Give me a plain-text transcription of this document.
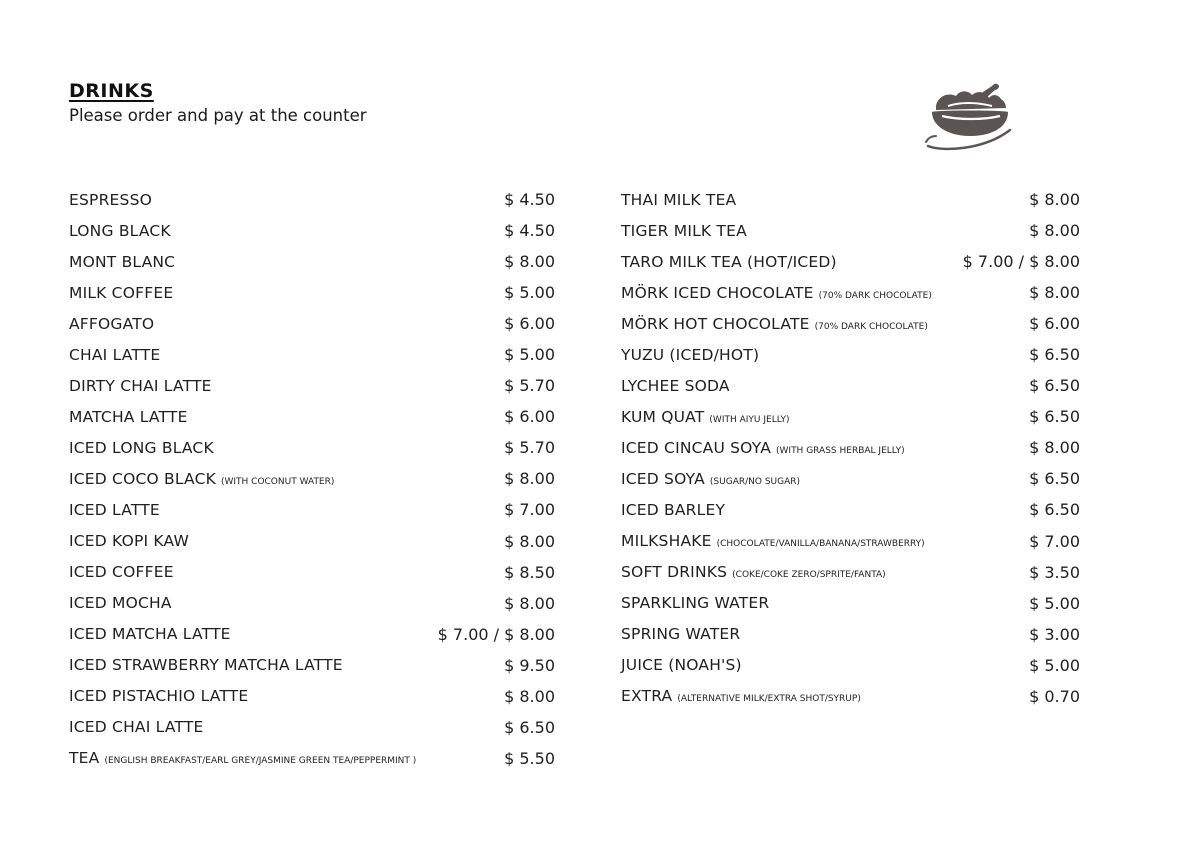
DRINKS
Please order and pay at the counter
ESPRESSO	$ 4.50
LONG BLACK	$ 4.50
MONT BLANC	$ 8.00
MILK COFFEE	$ 5.00
AFFOGATO	$ 6.00
CHAI LATTE	$ 5.00
DIRTY CHAI LATTE	$ 5.70
MATCHA LATTE	$ 6.00
ICED LONG BLACK	$ 5.70
ICED COCO BLACK (WITH COCONUT WATER)	$ 8.00
ICED LATTE	$ 7.00
ICED KOPI KAW	$ 8.00
ICED COFFEE	$ 8.50
ICED MOCHA	$ 8.00
ICED MATCHA LATTE	$ 7.00 / $ 8.00
ICED STRAWBERRY MATCHA LATTE	$ 9.50
ICED PISTACHIO LATTE	$ 8.00
ICED CHAI LATTE	$ 6.50
TEA (ENGLISH BREAKFAST/EARL GREY/JASMINE GREEN TEA/PEPPERMINT )	$ 5.50
THAI MILK TEA	$ 8.00
TIGER MILK TEA	$ 8.00
TARO MILK TEA (HOT/ICED)	$ 7.00 / $ 8.00
MÖRK ICED CHOCOLATE (70% DARK CHOCOLATE)	$ 8.00
MÖRK HOT CHOCOLATE (70% DARK CHOCOLATE)	$ 6.00
YUZU (ICED/HOT)	$ 6.50
LYCHEE SODA	$ 6.50
KUM QUAT (WITH AIYU JELLY)	$ 6.50
ICED CINCAU SOYA (WITH GRASS HERBAL JELLY)	$ 8.00
ICED SOYA (SUGAR/NO SUGAR)	$ 6.50
ICED BARLEY	$ 6.50
MILKSHAKE (CHOCOLATE/VANILLA/BANANA/STRAWBERRY)	$ 7.00
SOFT DRINKS (COKE/COKE ZERO/SPRITE/FANTA)	$ 3.50
SPARKLING WATER	$ 5.00
SPRING WATER	$ 3.00
JUICE (NOAH'S)	$ 5.00
EXTRA (ALTERNATIVE MILK/EXTRA SHOT/SYRUP)	$ 0.70
